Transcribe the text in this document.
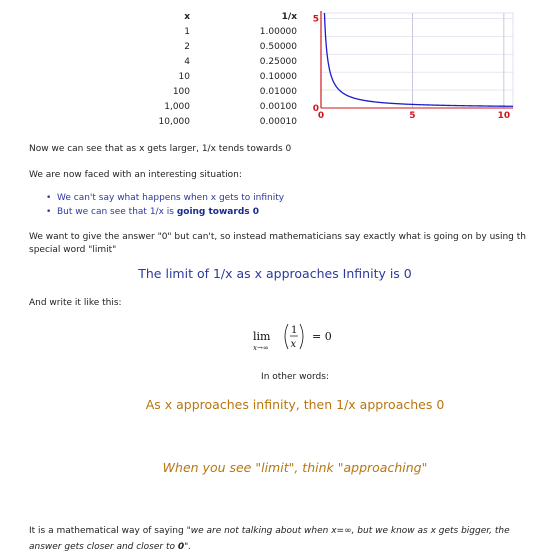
x	1/x
1	1.00000
2	0.50000
4	0.25000
10	0.10000
100	0.01000
1,000	0.00100
10,000	0.00010
0	5	10
5
0
Now we can see that as x gets larger, 1/x tends towards 0
We are now faced with an interesting situation:
• We can't say what happens when x gets to infinity
• But we can see that 1/x is going towards 0
We want to give the answer "0" but can't, so instead mathematicians say exactly what is going on by using th
special word "limit"
The limit of 1/x as x approaches Infinity is 0
And write it like this:
lim
x→∞
1
x
= 0
In other words:
As x approaches infinity, then 1/x approaches 0
When you see "limit", think "approaching"
It is a mathematical way of saying "we are not talking about when x=∞, but we know as x gets bigger, the answer gets closer and closer to 0".
